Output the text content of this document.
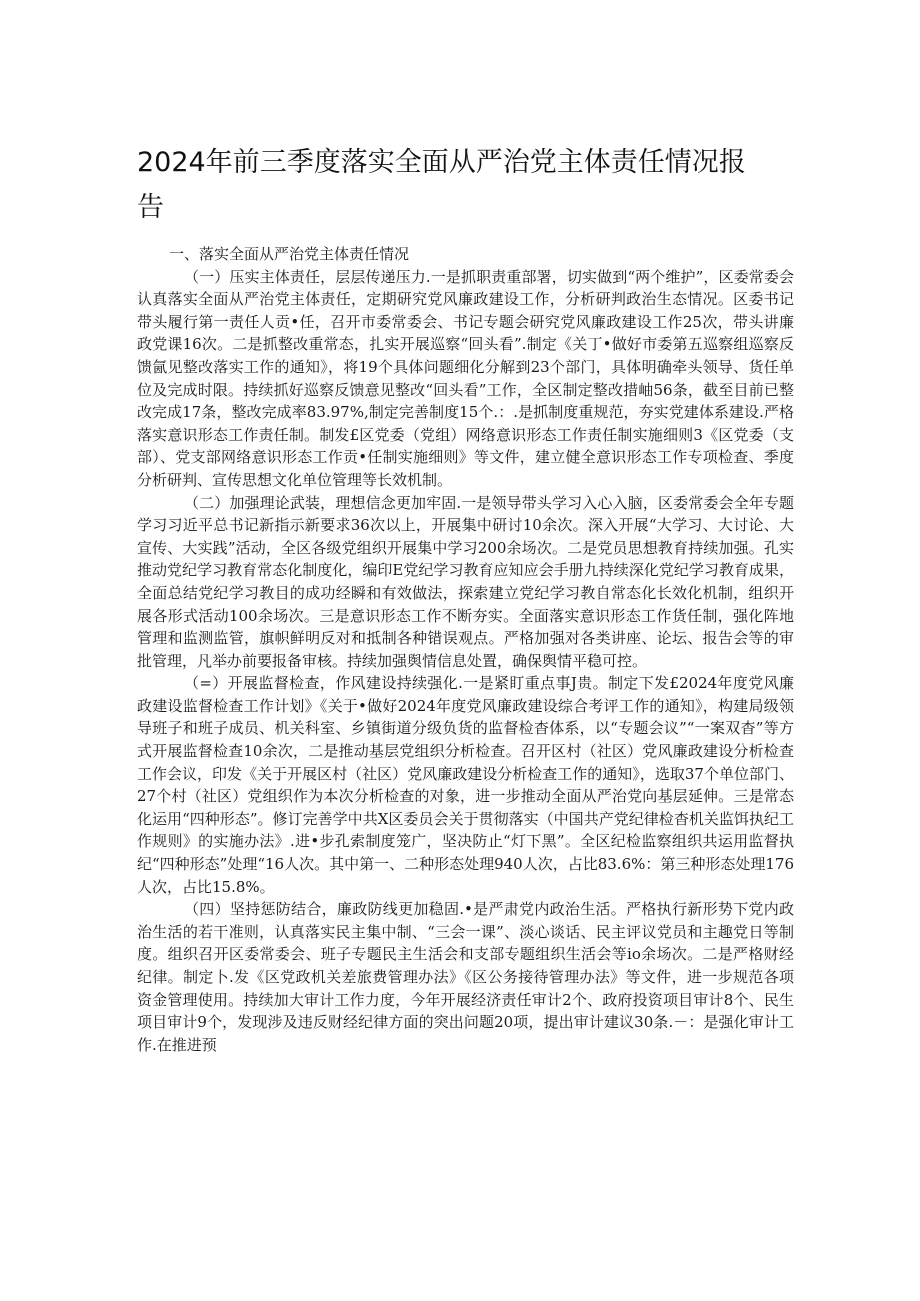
2024年前三季度落实全面从严治党主体责任情况报告

一、落实全面从严治党主体责任情况

（一）压实主体责任，层层传递压力.一是抓职责重部署，切实做到“两个维护”，区委常委会认真落实全面从严治党主体责任，定期研究党风廉政建设工作，分析研判政治生态情况。区委书记带头履行第一责任人贡•任，召开市委常委会、书记专题会研究党风廉政建设工作25次，带头讲廉政党课16次。二是抓整改重常态，扎实开展巡察“回头看”.制定《关丁•做好市委第五巡察组巡察反馈氤见整改落实工作的通知》，将19个具体问题细化分解到23个部门，具体明确牵头领导、货任单位及完成时限。持续抓好巡察反馈意见整改“回头看”工作，全区制定整改措岫56条，截至目前已整改完成17条，整改完成率83.97%,制定完善制度15个.：.是抓制度重规范，夯实党建体系建设.严格落实意识形态工作责任制。制发£区党委（党组）网络意识形态工作责任制实施细则3《区党委（支部）、党支部网络意识形态工作贡•任制实施细则》等文件，建立健全意识形态工作专项检查、季度分析研判、宣传思想文化单位管理等长效机制。

（二）加强理论武装，理想信念更加牢固.一是领导带头学习入心入脑，区委常委会全年专题学习习近平总书记新指示新要求36次以上，开展集中研讨10余次。深入开展“大学习、大讨论、大宣传、大实践”活动，全区各级党组织开展集中学习200余场次。二是党员思想教育持续加强。孔实推动党纪学习教育常态化制度化，编印E党纪学习教育应知应会手册九持续深化党纪学习教育成果，全面总结党纪学习教目的成功经瞬和有效做法，探索建立党纪学习教自常态化长效化机制，组织开展各形式活动100余场次。三是意识形态工作不断夯实。全面落实意识形态工作货任制，强化阵地管理和监测监管，旗帜鲜明反对和抵制各种错误观点。严格加强对各类讲座、论坛、报告会等的审批管理，凡举办前要报备审核。持续加强舆情信息处置，确保舆情平稳可控。

（=）开展监督检查，作风建设持续强化.一是紧盯重点事J贵。制定下发£2024年度党风廉政建设监督检查工作计划》《关于•做好2024年度党风廉政建设综合考评工作的通知》，构建局级领导班子和班子成员、机关科室、乡镇街道分级负货的监督检杳体系，以“专题会议”“一案双杳”等方式开展监督检查10余次，二是推动基层党组织分析检查。召开区村（社区）党风廉政建设分析检查工作会议，印发《关于开展区村（社区）党风廉政建设分析检查工作的通知》，选取37个单位部门、27个村（社区）党组织作为本次分析检查的对象，进一步推动全面从严治党向基层延伸。三是常态化运用“四种形态”。修订完善学中共X区委员会关于贯彻落实（中国共产党纪律检杳机关监饵执纪工作规则》的实施办法》.进•步孔索制度笼广，坚决防止“灯下黑”。全区纪检监察组织共运用监督执纪“四种形态”处理“16人次。其中第一、二种形态处理940人次，占比83.6%：第三种形态处理176人次，占比15.8%。

（四）坚持惩防结合，廉政防线更加稳固.•是严肃党内政治生活。严格执行新形势下党内政治生活的若干准则，认真落实民主集中制、“三会一课”、淡心谈话、民主评议党员和主趣党日等制度。组织召开区委常委会、班子专题民主生活会和支部专题组织生活会等io余场次。二是严格财经纪律。制定卜.发《区党政机关差旅费管理办法》《区公务接待管理办法》等文件，进一步规范各项资金管理使用。持续加大审计工作力度，今年开展经济责任审计2个、政府投资项目审计8个、民生项目审计9个，发现涉及违反财经纪律方面的突出问题20项，提出审计建议30条.－：是强化审计工作.在推进预
